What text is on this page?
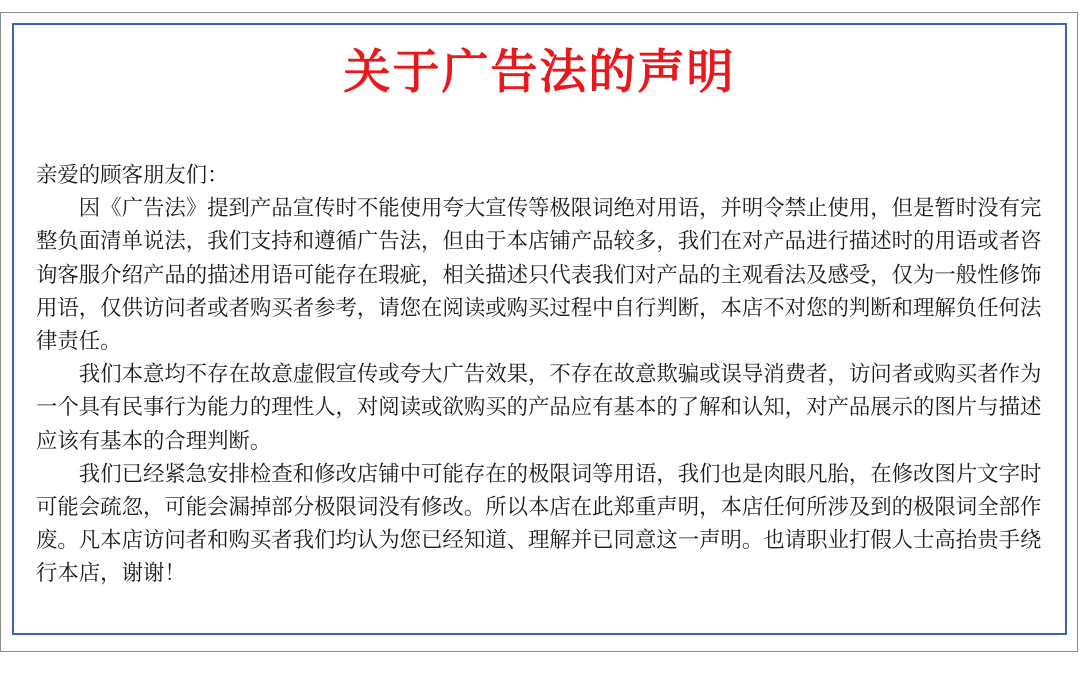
关于广告法的声明

亲爱的顾客朋友们：

因《广告法》提到产品宣传时不能使用夸大宣传等极限词绝对用语，并明令禁止使用，但是暂时没有完整负面清单说法，我们支持和遵循广告法，但由于本店铺产品较多，我们在对产品进行描述时的用语或者咨询客服介绍产品的描述用语可能存在瑕疵，相关描述只代表我们对产品的主观看法及感受，仅为一般性修饰用语，仅供访问者或者购买者参考，请您在阅读或购买过程中自行判断，本店不对您的判断和理解负任何法律责任。

我们本意均不存在故意虚假宣传或夸大广告效果，不存在故意欺骗或误导消费者，访问者或购买者作为一个具有民事行为能力的理性人，对阅读或欲购买的产品应有基本的了解和认知，对产品展示的图片与描述应该有基本的合理判断。

我们已经紧急安排检查和修改店铺中可能存在的极限词等用语，我们也是肉眼凡胎，在修改图片文字时可能会疏忽，可能会漏掉部分极限词没有修改。所以本店在此郑重声明，本店任何所涉及到的极限词全部作废。凡本店访问者和购买者我们均认为您已经知道、理解并已同意这一声明。也请职业打假人士高抬贵手绕行本店，谢谢！
